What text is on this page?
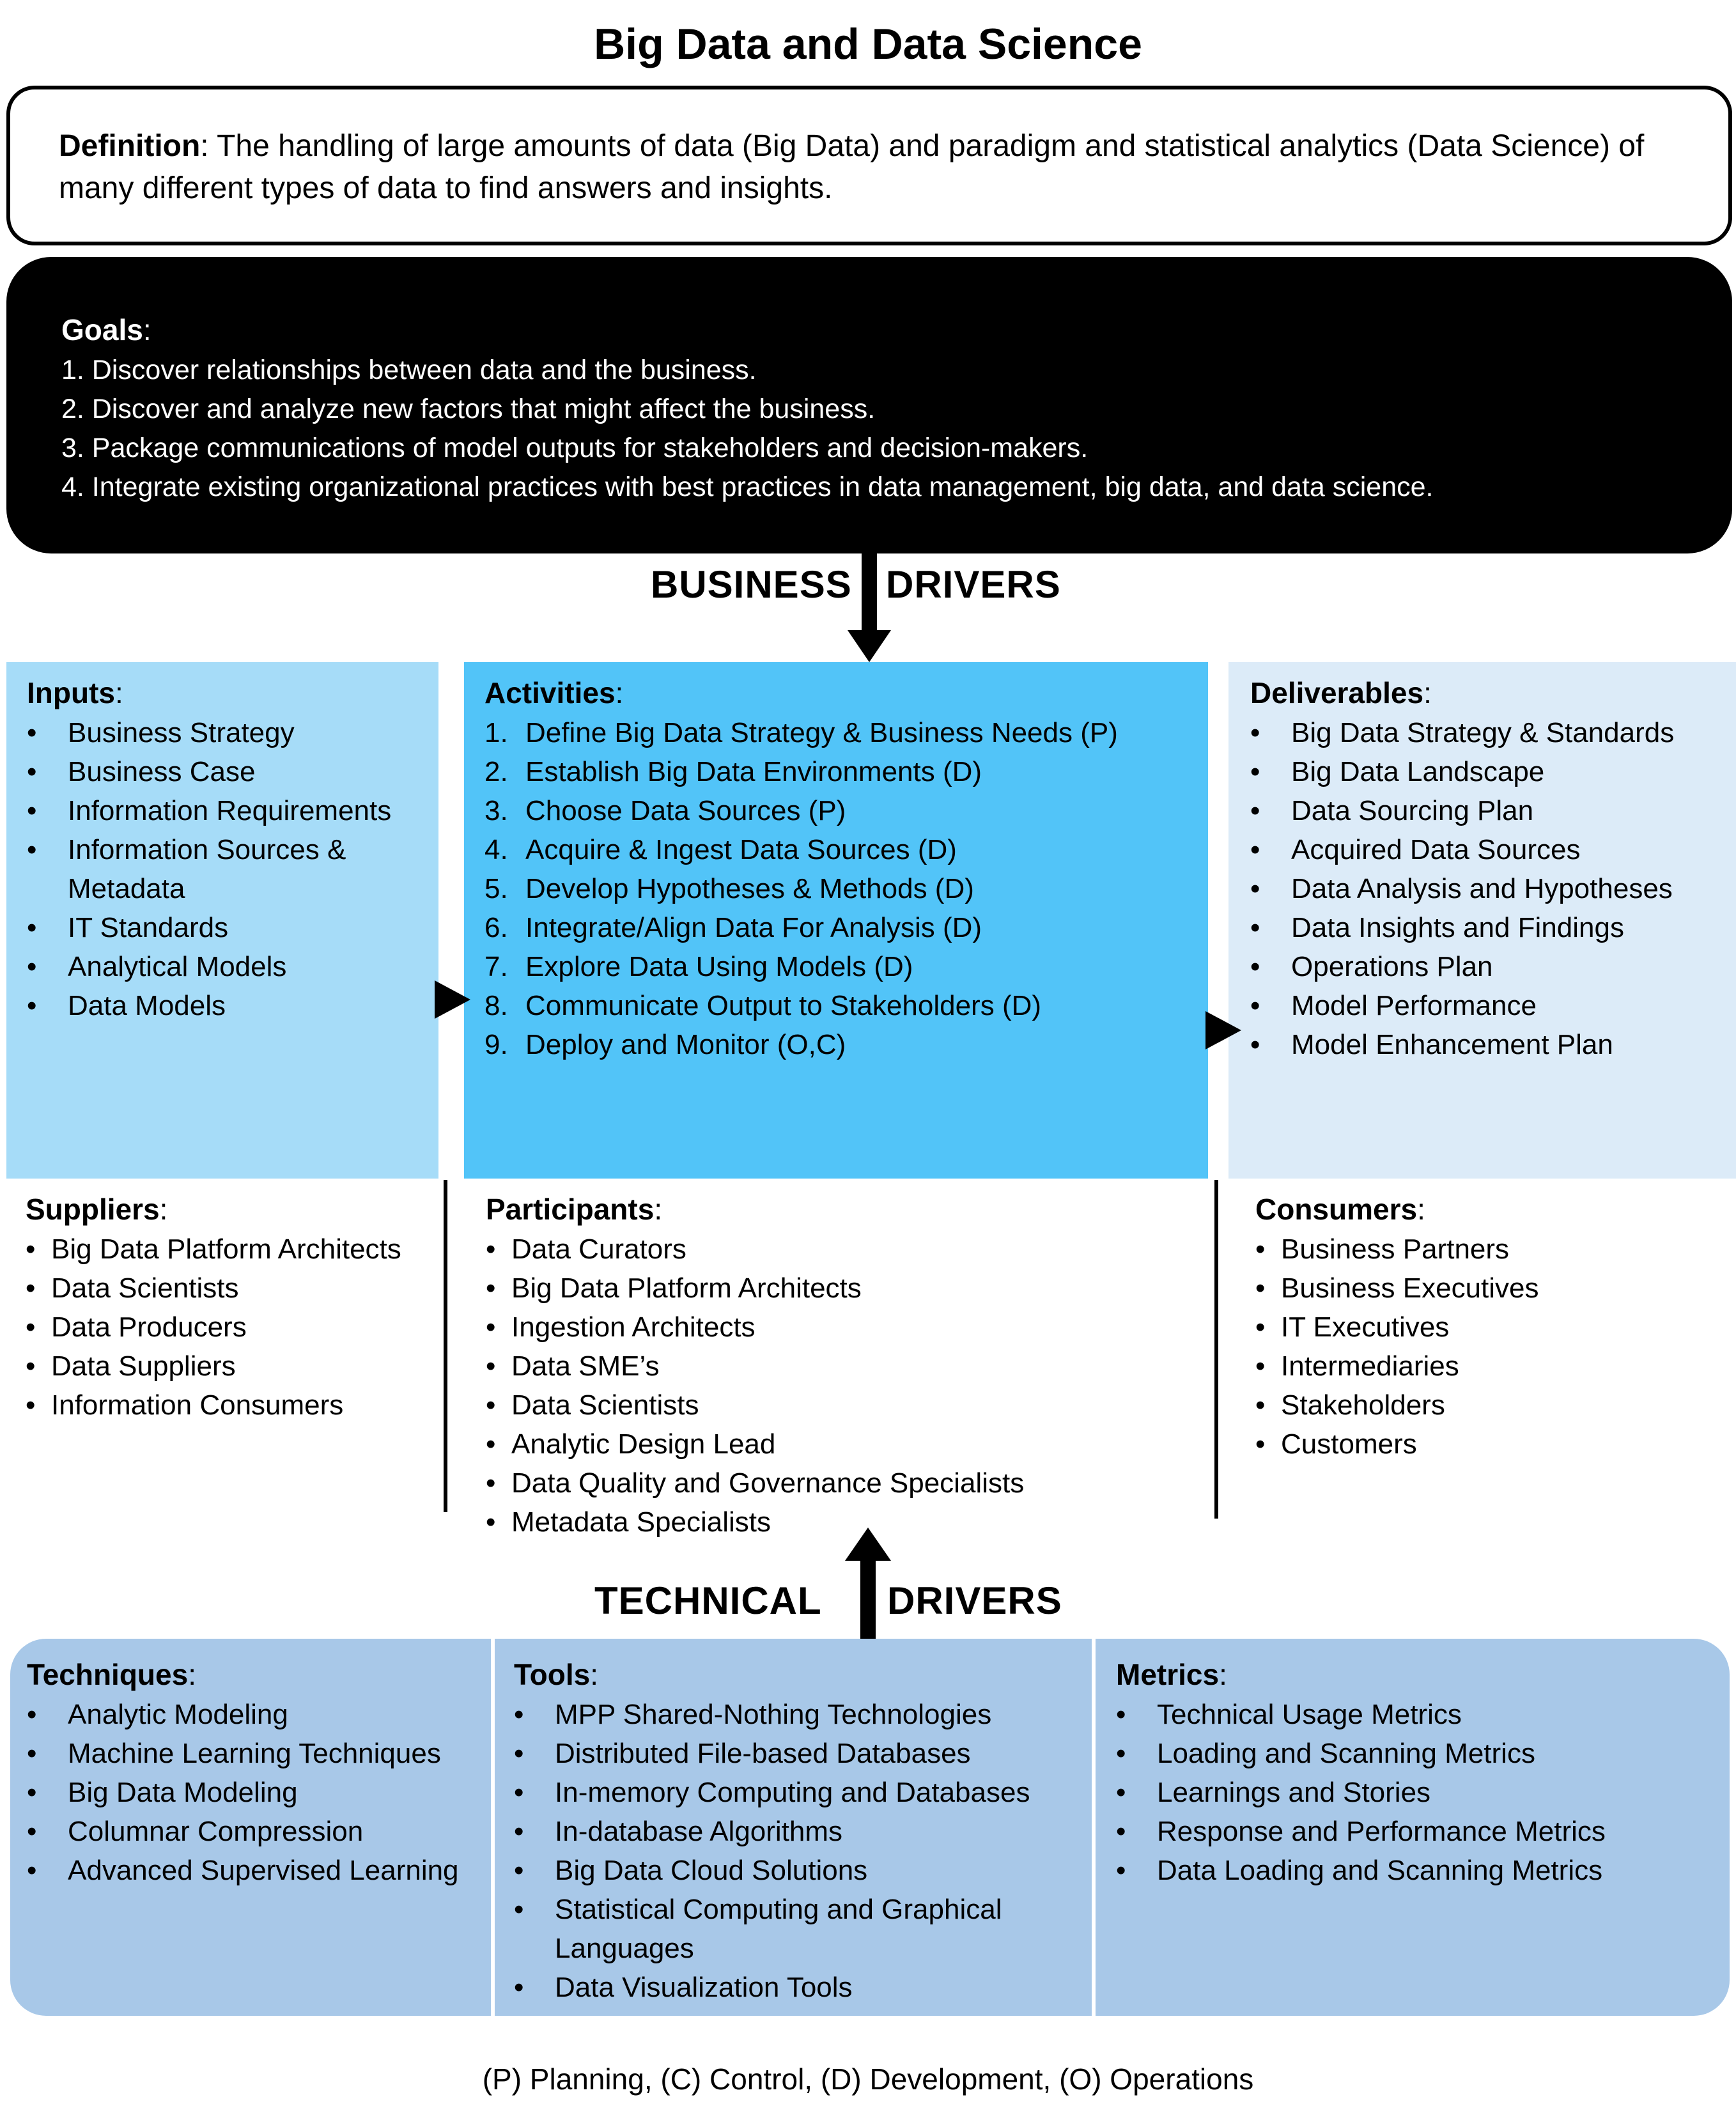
Big Data and Data Science
Definition: The handling of large amounts of data (Big Data) and paradigm and statistical analytics (Data Science) of many different types of data to find answers and insights.
Goals:
1. Discover relationships between data and the business.
2. Discover and analyze new factors that might affect the business.
3. Package communications of model outputs for stakeholders and decision-makers.
4. Integrate existing organizational practices with best practices in data management, big data, and data science.
BUSINESS DRIVERS
Inputs:
• Business Strategy
• Business Case
• Information Requirements
• Information Sources & Metadata
• IT Standards
• Analytical Models
• Data Models
Activities:
1. Define Big Data Strategy & Business Needs (P)
2. Establish Big Data Environments (D)
3. Choose Data Sources (P)
4. Acquire & Ingest Data Sources (D)
5. Develop Hypotheses & Methods (D)
6. Integrate/Align Data For Analysis (D)
7. Explore Data Using Models (D)
8. Communicate Output to Stakeholders (D)
9. Deploy and Monitor (O,C)
Deliverables:
• Big Data Strategy & Standards
• Big Data Landscape
• Data Sourcing Plan
• Acquired Data Sources
• Data Analysis and Hypotheses
• Data Insights and Findings
• Operations Plan
• Model Performance
• Model Enhancement Plan
Suppliers:
• Big Data Platform Architects
• Data Scientists
• Data Producers
• Data Suppliers
• Information Consumers
Participants:
• Data Curators
• Big Data Platform Architects
• Ingestion Architects
• Data SME’s
• Data Scientists
• Analytic Design Lead
• Data Quality and Governance Specialists
• Metadata Specialists
Consumers:
• Business Partners
• Business Executives
• IT Executives
• Intermediaries
• Stakeholders
• Customers
TECHNICAL DRIVERS
Techniques:
• Analytic Modeling
• Machine Learning Techniques
• Big Data Modeling
• Columnar Compression
• Advanced Supervised Learning
Tools:
• MPP Shared-Nothing Technologies
• Distributed File-based Databases
• In-memory Computing and Databases
• In-database Algorithms
• Big Data Cloud Solutions
• Statistical Computing and Graphical Languages
• Data Visualization Tools
Metrics:
• Technical Usage Metrics
• Loading and Scanning Metrics
• Learnings and Stories
• Response and Performance Metrics
• Data Loading and Scanning Metrics
(P) Planning, (C) Control, (D) Development, (O) Operations
